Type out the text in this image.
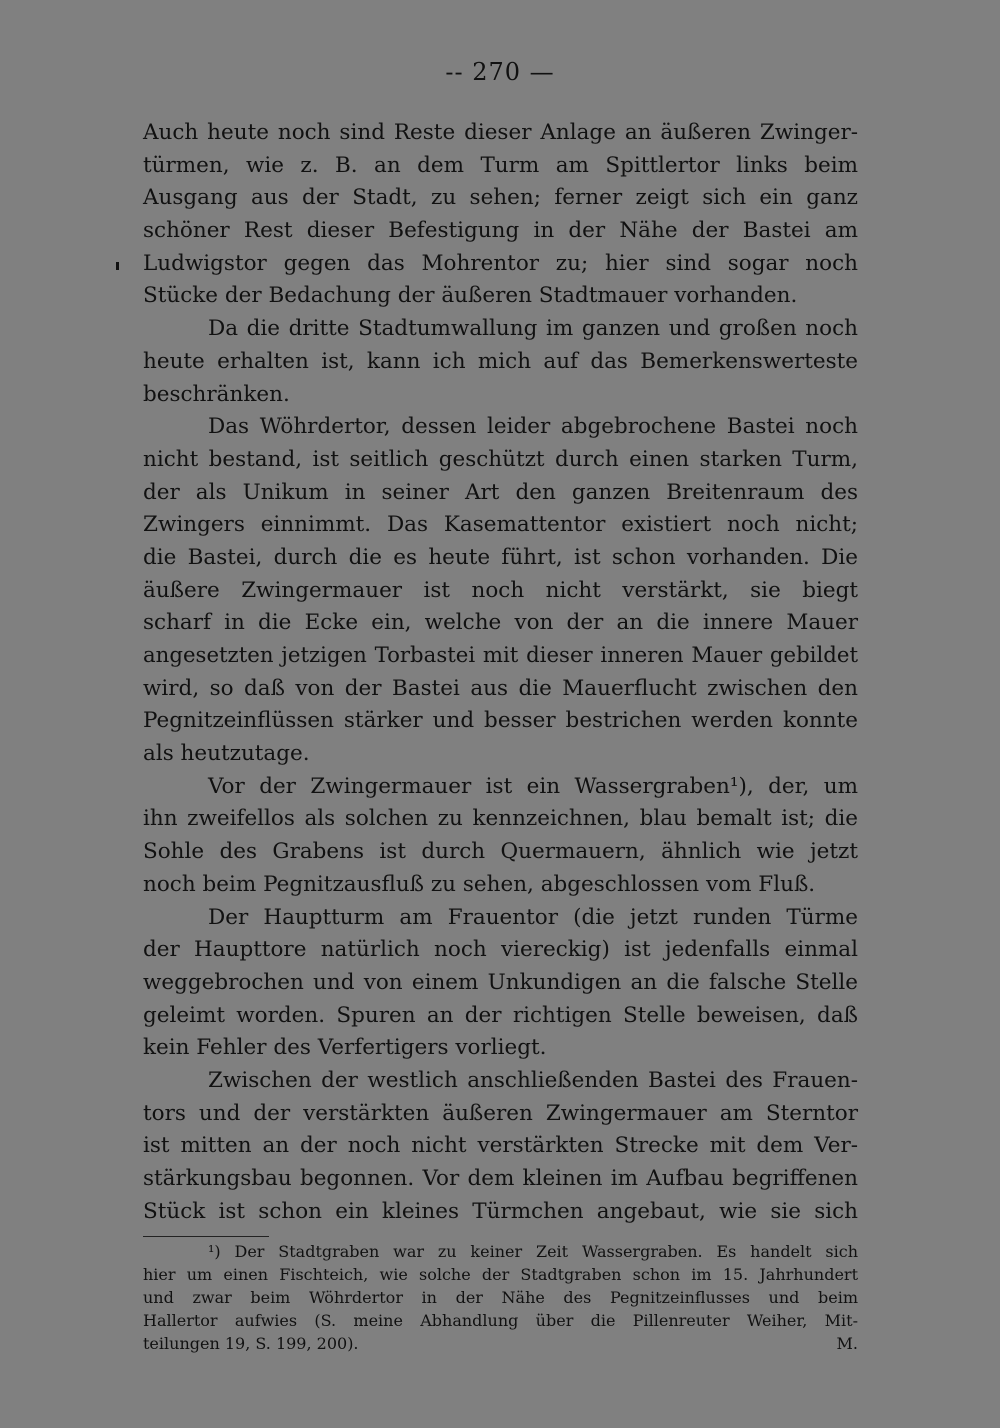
-- 270 —
Auch heute noch sind Reste dieser Anlage an äußeren Zwinger-
türmen, wie z. B. an dem Turm am Spittlertor links beim
Ausgang aus der Stadt, zu sehen; ferner zeigt sich ein ganz
schöner Rest dieser Befestigung in der Nähe der Bastei am
Ludwigstor gegen das Mohrentor zu; hier sind sogar noch
Stücke der Bedachung der äußeren Stadtmauer vorhanden.
Da die dritte Stadtumwallung im ganzen und großen noch
heute erhalten ist, kann ich mich auf das Bemerkenswerteste
beschränken.
Das Wöhrdertor, dessen leider abgebrochene Bastei noch
nicht bestand, ist seitlich geschützt durch einen starken Turm,
der als Unikum in seiner Art den ganzen Breitenraum des
Zwingers einnimmt. Das Kasemattentor existiert noch nicht;
die Bastei, durch die es heute führt, ist schon vorhanden. Die
äußere Zwingermauer ist noch nicht verstärkt, sie biegt
scharf in die Ecke ein, welche von der an die innere Mauer
angesetzten jetzigen Torbastei mit dieser inneren Mauer gebildet
wird, so daß von der Bastei aus die Mauerflucht zwischen den
Pegnitzeinflüssen stärker und besser bestrichen werden konnte
als heutzutage.
Vor der Zwingermauer ist ein Wassergraben¹), der, um
ihn zweifellos als solchen zu kennzeichnen, blau bemalt ist; die
Sohle des Grabens ist durch Quermauern, ähnlich wie jetzt
noch beim Pegnitzausfluß zu sehen, abgeschlossen vom Fluß.
Der Hauptturm am Frauentor (die jetzt runden Türme
der Haupttore natürlich noch viereckig) ist jedenfalls einmal
weggebrochen und von einem Unkundigen an die falsche Stelle
geleimt worden. Spuren an der richtigen Stelle beweisen, daß
kein Fehler des Verfertigers vorliegt.
Zwischen der westlich anschließenden Bastei des Frauen-
tors und der verstärkten äußeren Zwingermauer am Sterntor
ist mitten an der noch nicht verstärkten Strecke mit dem Ver-
stärkungsbau begonnen. Vor dem kleinen im Aufbau begriffenen
Stück ist schon ein kleines Türmchen angebaut, wie sie sich
¹) Der Stadtgraben war zu keiner Zeit Wassergraben. Es handelt sich
hier um einen Fischteich, wie solche der Stadtgraben schon im 15. Jahrhundert
und zwar beim Wöhrdertor in der Nähe des Pegnitzeinflusses und beim
Hallertor aufwies (S. meine Abhandlung über die Pillenreuter Weiher, Mit-
teilungen 19, S. 199, 200).	M.
